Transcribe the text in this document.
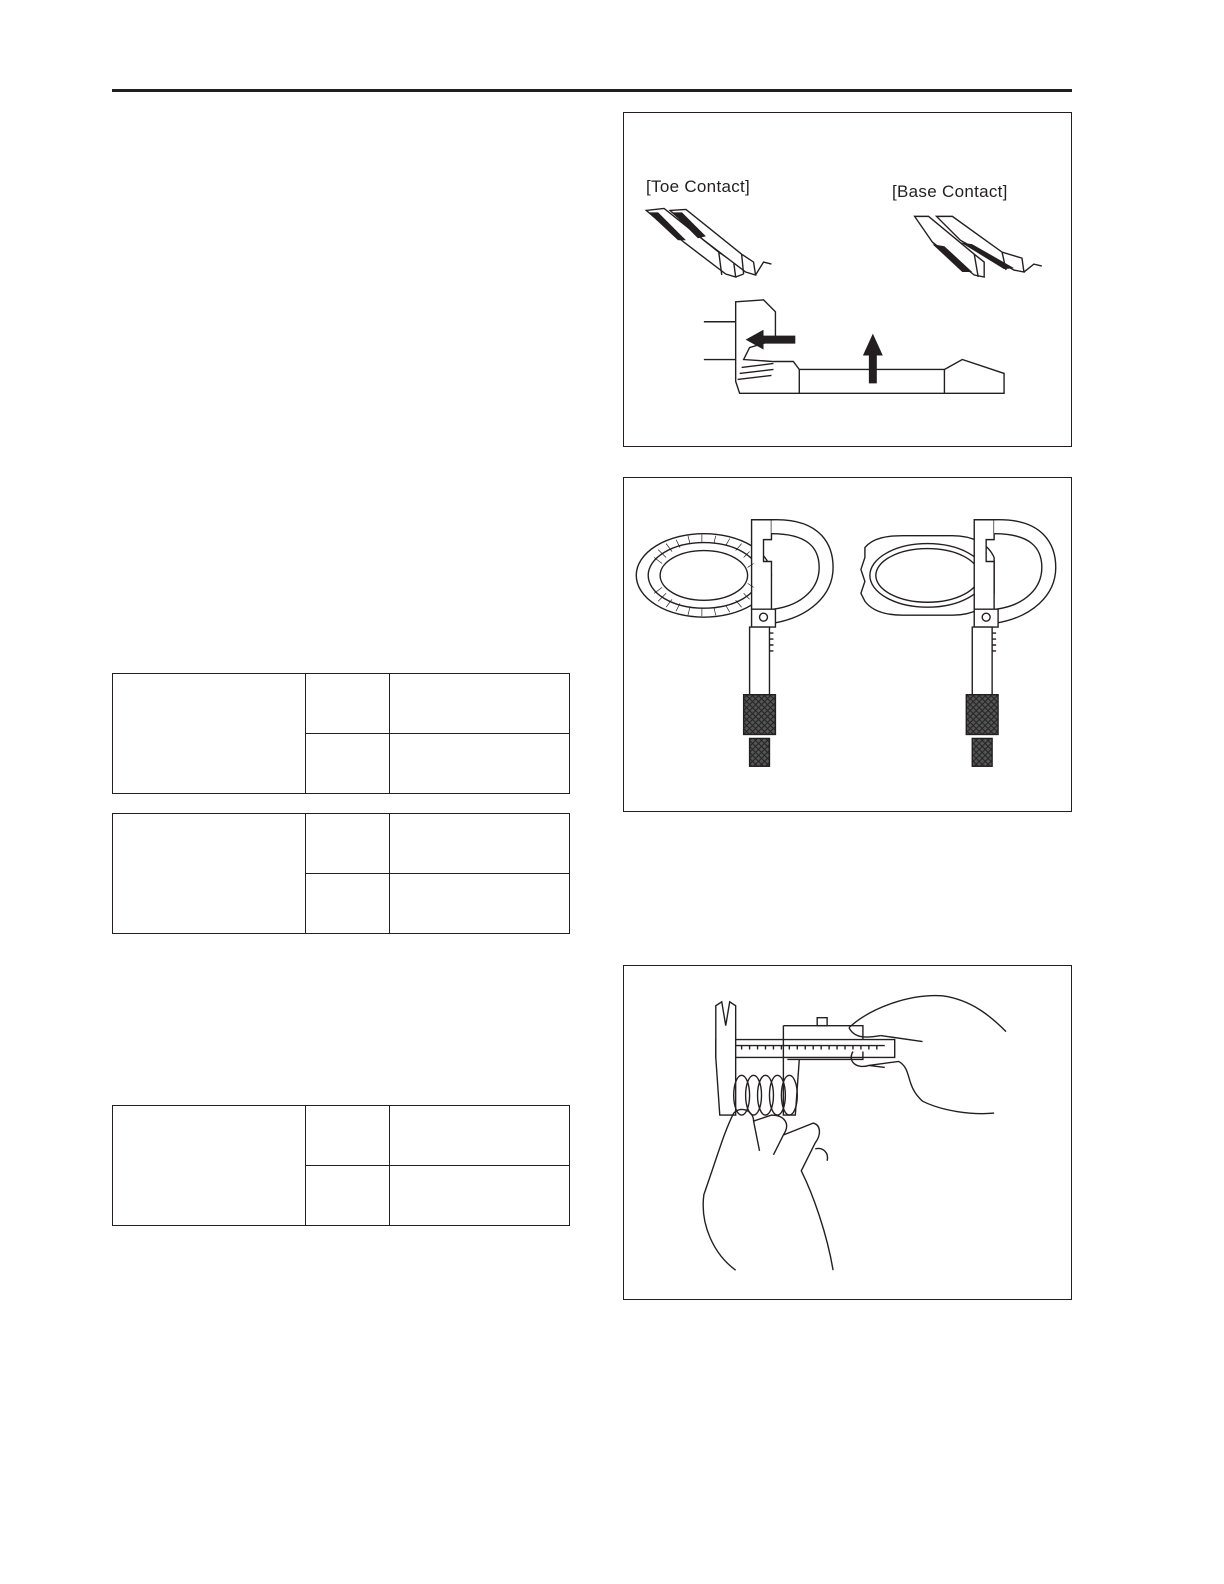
[Toe Contact]	[Base Contact]
